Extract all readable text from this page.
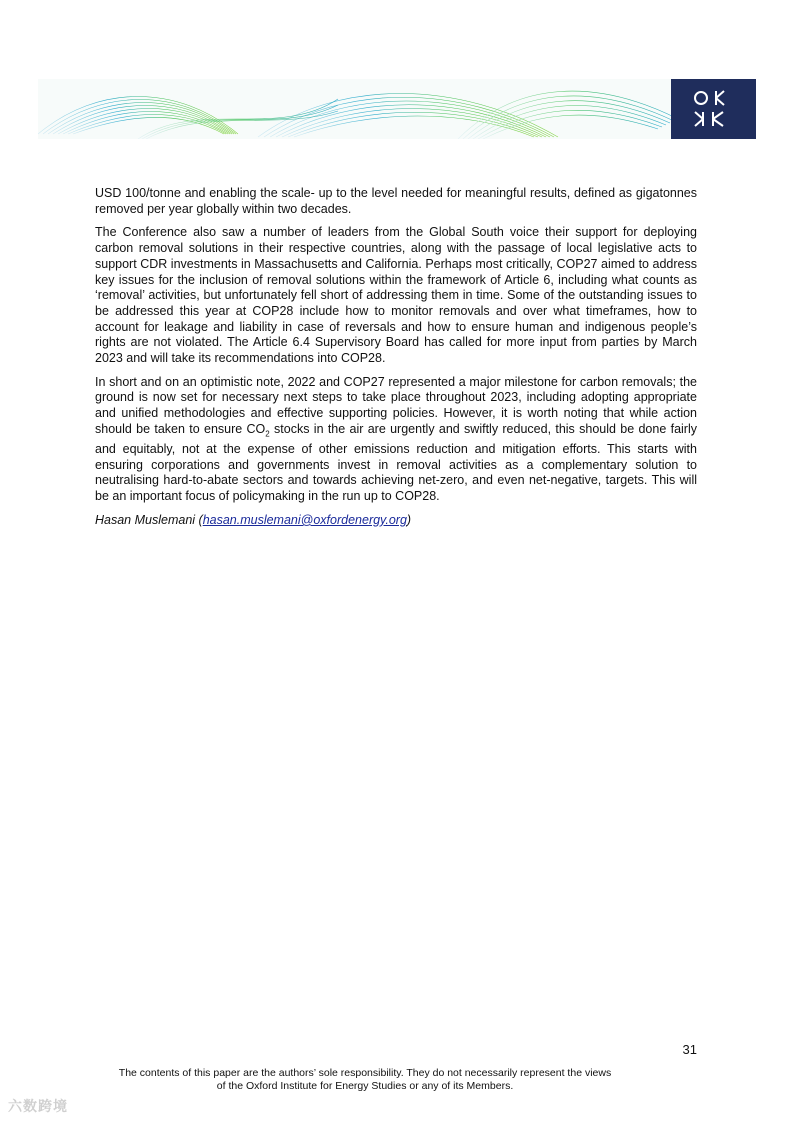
USD 100/tonne and enabling the scale- up to the level needed for meaningful results, defined as gigatonnes removed per year globally within two decades.

The Conference also saw a number of leaders from the Global South voice their support for deploying carbon removal solutions in their respective countries, along with the passage of local legislative acts to support CDR investments in Massachusetts and California. Perhaps most critically, COP27 aimed to address key issues for the inclusion of removal solutions within the framework of Article 6, including what counts as ‘removal’ activities, but unfortunately fell short of addressing them in time. Some of the outstanding issues to be addressed this year at COP28 include how to monitor removals and over what timeframes, how to account for leakage and liability in case of reversals and how to ensure human and indigenous people’s rights are not violated. The Article 6.4 Supervisory Board has called for more input from parties by March 2023 and will take its recommendations into COP28.

In short and on an optimistic note, 2022 and COP27 represented a major milestone for carbon removals; the ground is now set for necessary next steps to take place throughout 2023, including adopting appropriate and unified methodologies and effective supporting policies. However, it is worth noting that while action should be taken to ensure $CO_2$ stocks in the air are urgently and swiftly reduced, this should be done fairly and equitably, not at the expense of other emissions reduction and mitigation efforts. This starts with ensuring corporations and governments invest in removal activities as a complementary solution to neutralising hard-to-abate sectors and towards achieving net-zero, and even net-negative, targets. This will be an important focus of policymaking in the run up to COP28.

Hasan Muslemani (hasan.muslemani@oxfordenergy.org)

31
The contents of this paper are the authors’ sole responsibility. They do not necessarily represent the views
of the Oxford Institute for Energy Studies or any of its Members.
六数跨境
